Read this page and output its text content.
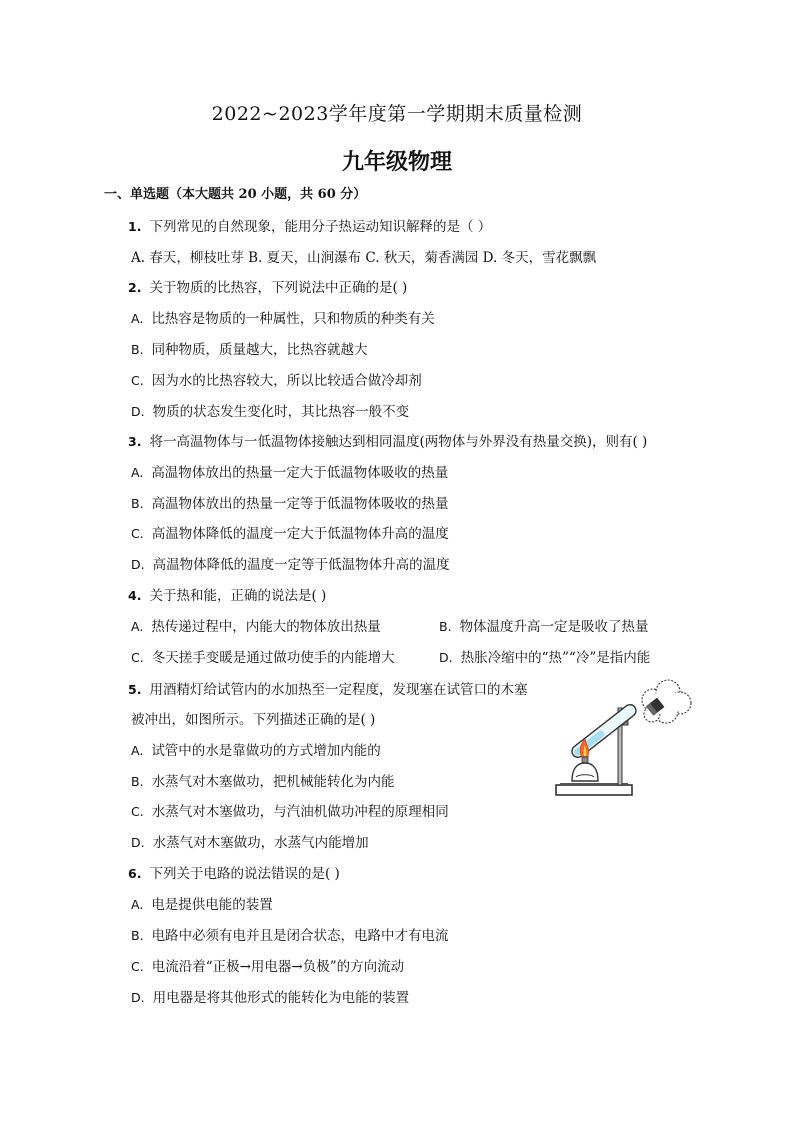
2022~2023学年度第一学期期末质量检测
九年级物理
一、单选题（本大题共 20 小题，共 60 分）
1. 下列常见的自然现象，能用分子热运动知识解释的是（ ）
A. 春天，柳枝吐芽 B. 夏天，山涧瀑布 C. 秋天，菊香满园 D. 冬天，雪花飘飘
2. 关于物质的比热容，下列说法中正确的是( )
A. 比热容是物质的一种属性，只和物质的种类有关
B. 同种物质，质量越大，比热容就越大
C. 因为水的比热容较大，所以比较适合做冷却剂
D. 物质的状态发生变化时，其比热容一般不变
3. 将一高温物体与一低温物体接触达到相同温度(两物体与外界没有热量交换)，则有( )
A. 高温物体放出的热量一定大于低温物体吸收的热量
B. 高温物体放出的热量一定等于低温物体吸收的热量
C. 高温物体降低的温度一定大于低温物体升高的温度
D. 高温物体降低的温度一定等于低温物体升高的温度
4. 关于热和能，正确的说法是( )
A. 热传递过程中，内能大的物体放出热量	B. 物体温度升高一定是吸收了热量
C. 冬天搓手变暖是通过做功使手的内能增大	D. 热胀冷缩中的“热”“冷”是指内能
5. 用酒精灯给试管内的水加热至一定程度，发现塞在试管口的木塞
被冲出，如图所示。下列描述正确的是( )
A. 试管中的水是靠做功的方式增加内能的
B. 水蒸气对木塞做功，把机械能转化为内能
C. 水蒸气对木塞做功，与汽油机做功冲程的原理相同
D. 水蒸气对木塞做功，水蒸气内能增加
6. 下列关于电路的说法错误的是( )
A. 电是提供电能的装置
B. 电路中必须有电并且是闭合状态，电路中才有电流
C. 电流沿着“正极→用电器→负极”的方向流动
D. 用电器是将其他形式的能转化为电能的装置
